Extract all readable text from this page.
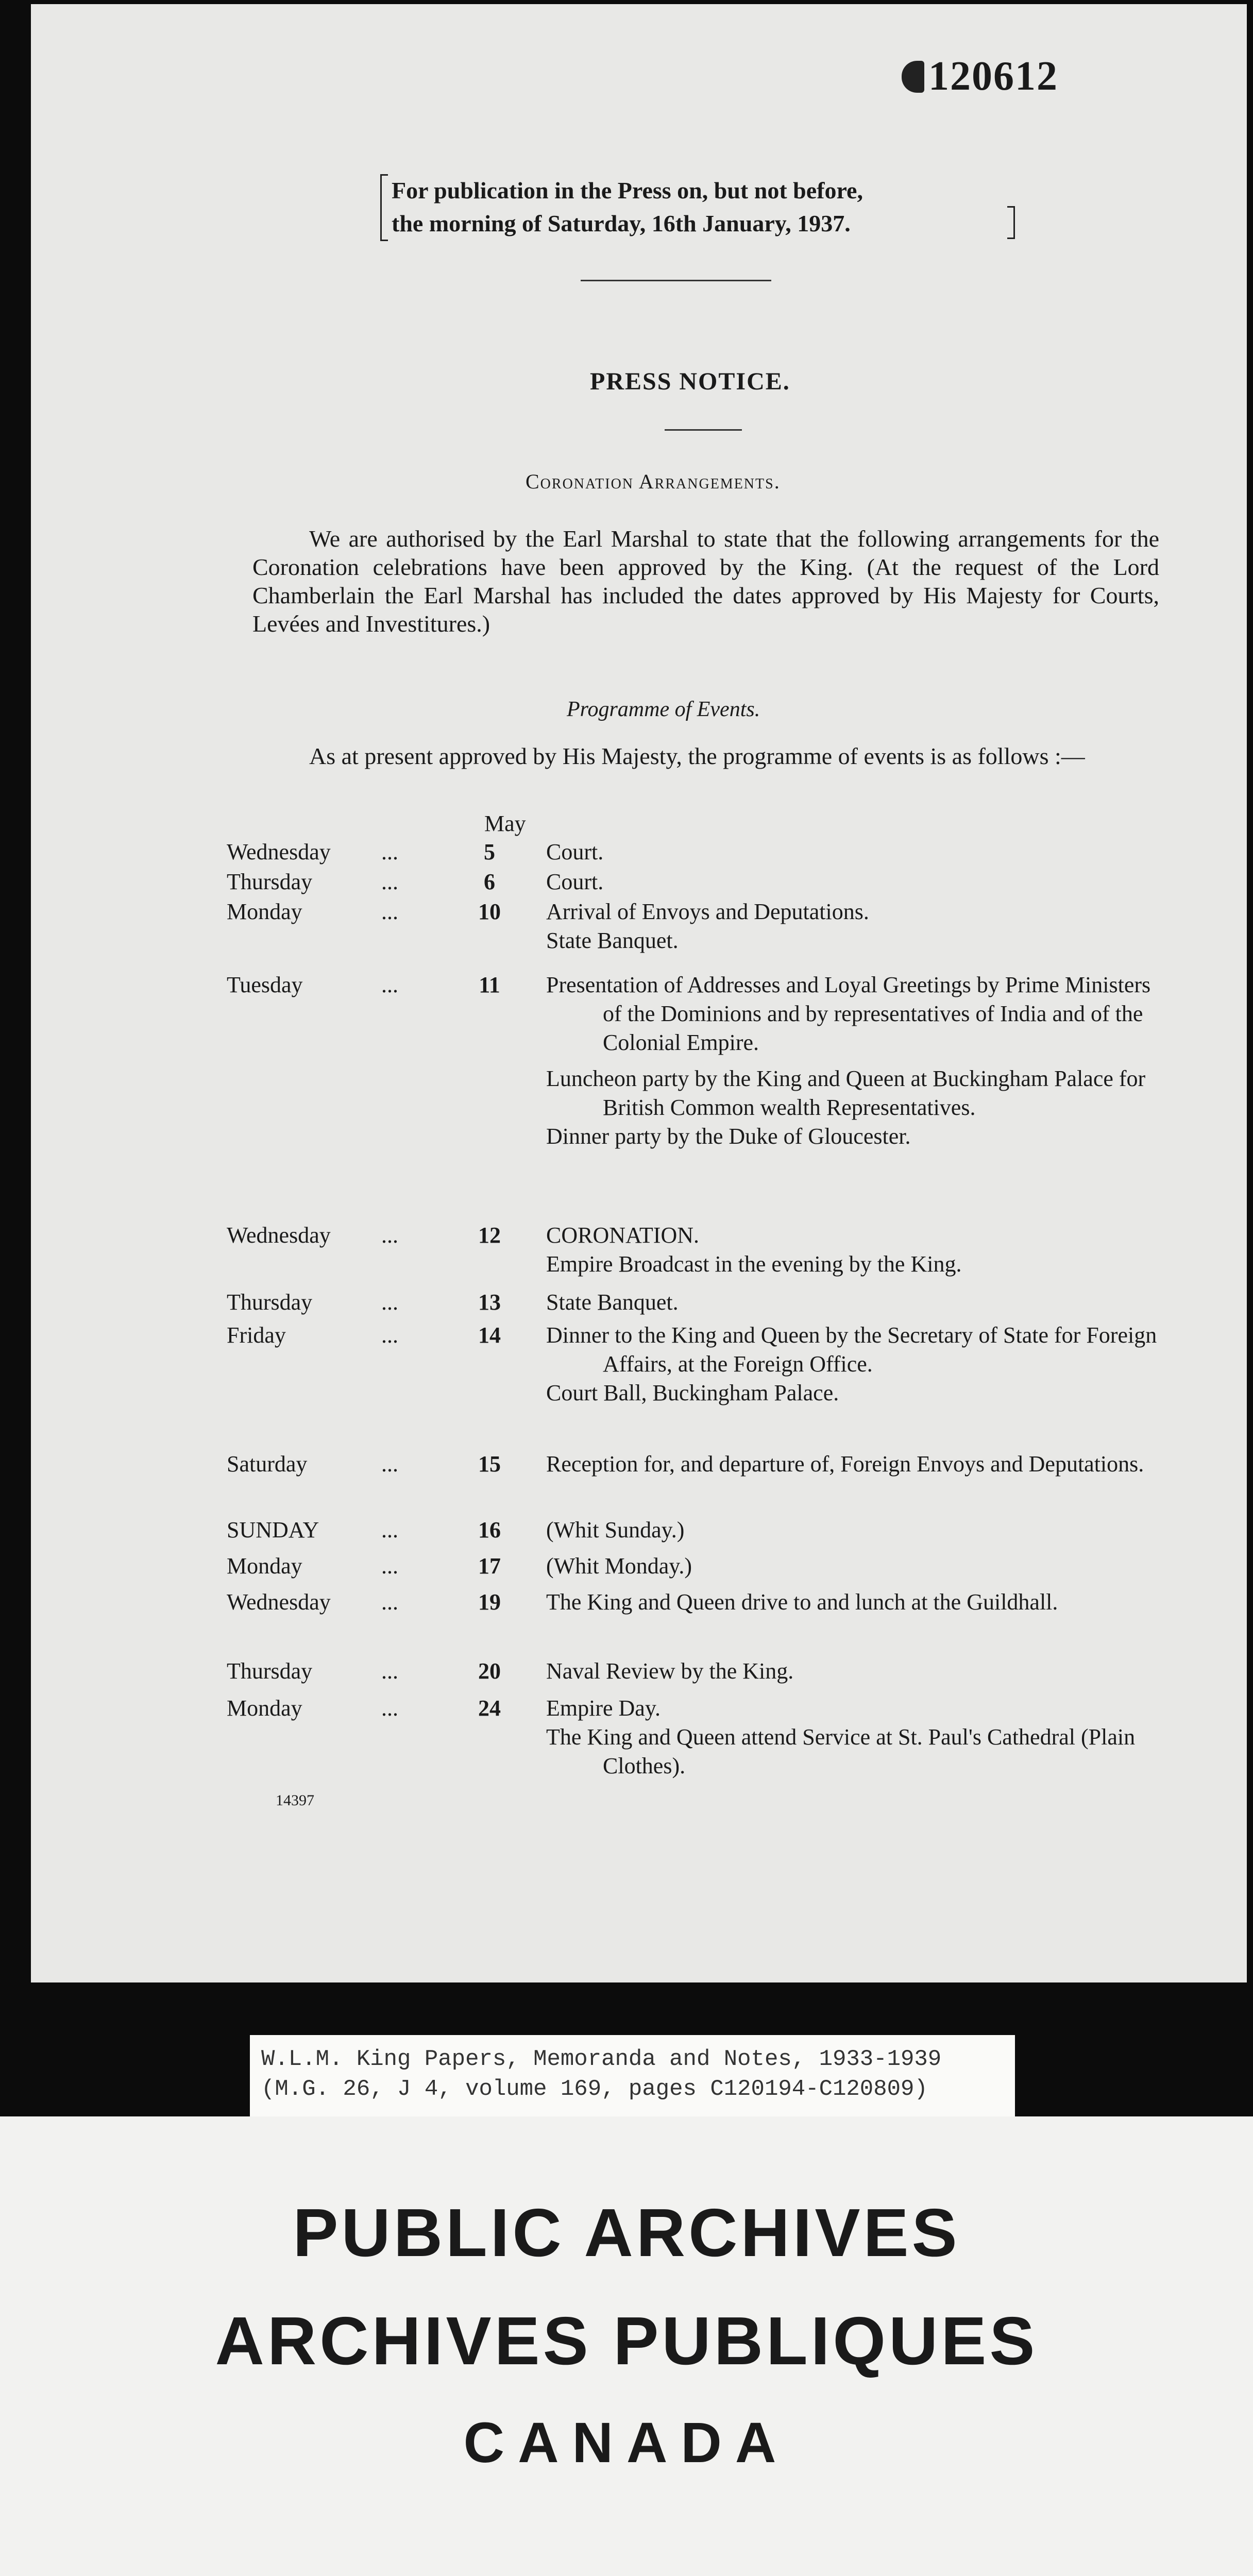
120612
For publication in the Press on, but not before,
the morning of Saturday, 16th January, 1937.
PRESS NOTICE.
Coronation Arrangements.

We are authorised by the Earl Marshal to state that the following arrangements for the Coronation celebrations have been approved by the King. (At the request of the Lord Chamberlain the Earl Marshal has included the dates approved by His Majesty for Courts, Levées and Investitures.)

Programme of Events.

As at present approved by His Majesty, the programme of events is as follows :—

May
Wednesday ...	5	Court.
Thursday	...	6	Court.
Monday	...	10	Arrival of Envoys and Deputations.
State Banquet.
Tuesday	...	11	Presentation of Addresses and Loyal Greetings by Prime Ministers of the Dominions and by representatives of India and of the Colonial Empire.
Luncheon party by the King and Queen at Buckingham Palace for British Common wealth Representatives.
Dinner party by the Duke of Gloucester.
Wednesday ...	12	CORONATION.
Empire Broadcast in the evening by the King.
Thursday	...	13	State Banquet.
Friday	...	14	Dinner to the King and Queen by the Secretary of State for Foreign Affairs, at the Foreign Office.
Court Ball, Buckingham Palace.
Saturday	...	15	Reception for, and departure of, Foreign Envoys and Deputations.
SUNDAY	...	16	(Whit Sunday.)
Monday	...	17	(Whit Monday.)
Wednesday ...	19	The King and Queen drive to and lunch at the Guildhall.
Thursday	...	20	Naval Review by the King.
Monday	...	24	Empire Day.
The King and Queen attend Service at St. Paul's Cathedral (Plain Clothes).
14397
W.L.M. King Papers, Memoranda and Notes, 1933-1939
(M.G. 26, J 4, volume 169, pages C120194-C120809)
PUBLIC ARCHIVES
ARCHIVES PUBLIQUES
CANADA
